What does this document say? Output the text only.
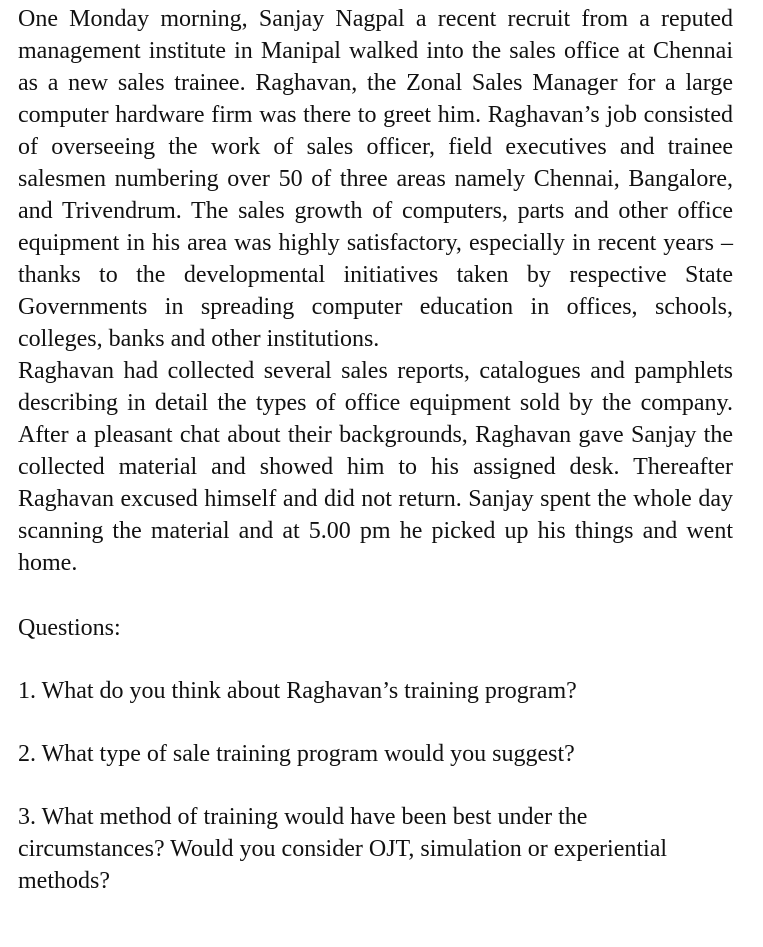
One Monday morning, Sanjay Nagpal a recent recruit from a reputed management institute in Manipal walked into the sales office at Chennai as a new sales trainee. Raghavan, the Zonal Sales Manager for a large computer hardware firm was there to greet him. Raghavan’s job consisted of overseeing the work of sales officer, field executives and trainee salesmen numbering over 50 of three areas namely Chennai, Bangalore, and Trivendrum. The sales growth of computers, parts and other office equipment in his area was highly satisfactory, especially in recent years – thanks to the developmental initiatives taken by respective State Governments in spreading computer education in offices, schools, colleges, banks and other institutions.

Raghavan had collected several sales reports, catalogues and pamphlets describing in detail the types of office equipment sold by the company. After a pleasant chat about their backgrounds, Raghavan gave Sanjay the collected material and showed him to his assigned desk. Thereafter Raghavan excused himself and did not return. Sanjay spent the whole day scanning the material and at 5.00 pm he picked up his things and went home.

Questions:

1. What do you think about Raghavan’s training program?

2. What type of sale training program would you suggest?

3. What method of training would have been best under the circumstances? Would you consider OJT, simulation or experiential methods?
